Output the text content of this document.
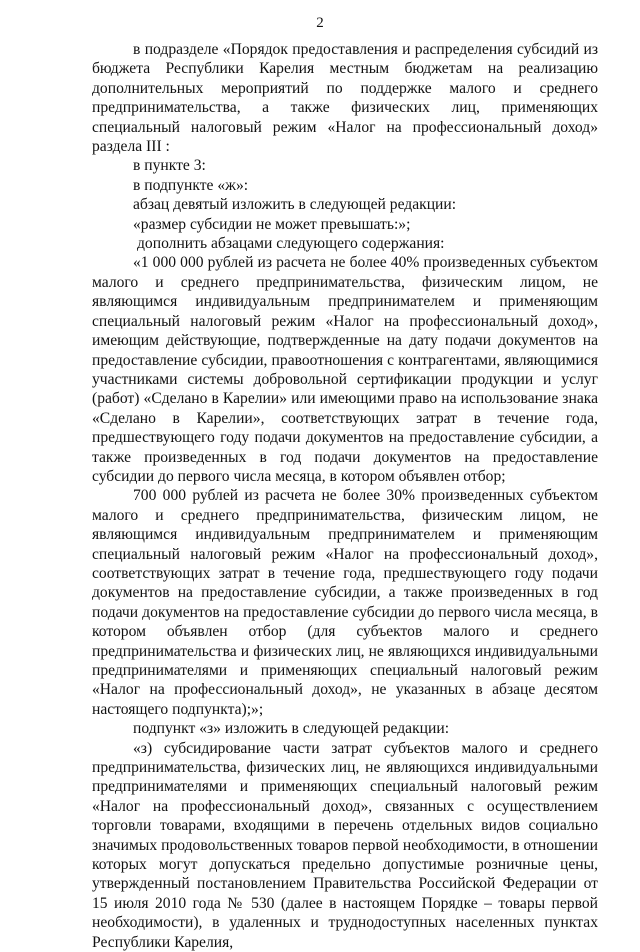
2

в подразделе «Порядок предоставления и распределения субсидий из бюджета Республики Карелия местным бюджетам на реализацию дополнительных мероприятий по поддержке малого и среднего предпринимательства, а также физических лиц, применяющих специальный налоговый режим «Налог на профессиональный доход» раздела III :

в пункте 3:

в подпункте «ж»:

абзац девятый изложить в следующей редакции:

«размер субсидии не может превышать:»;

дополнить абзацами следующего содержания:

«1 000 000 рублей из расчета не более 40% произведенных субъектом малого и среднего предпринимательства, физическим лицом, не являющимся индивидуальным предпринимателем и применяющим специальный налоговый режим «Налог на профессиональный доход», имеющим действующие, подтвержденные на дату подачи документов на предоставление субсидии, правоотношения с контрагентами, являющимися участниками системы добровольной сертификации продукции и услуг (работ) «Сделано в Карелии» или имеющими право на использование знака «Сделано в Карелии», соответствующих затрат в течение года, предшествующего году подачи документов на предоставление субсидии, а также произведенных в год подачи документов на предоставление субсидии до первого числа месяца, в котором объявлен отбор;

700 000 рублей из расчета не более 30% произведенных субъектом малого и среднего предпринимательства, физическим лицом, не являющимся индивидуальным предпринимателем и применяющим специальный налоговый режим «Налог на профессиональный доход», соответствующих затрат в течение года, предшествующего году подачи документов на предоставление субсидии, а также произведенных в год подачи документов на предоставление субсидии до первого числа месяца, в котором объявлен отбор (для субъектов малого и среднего предпринимательства и физических лиц, не являющихся индивидуальными предпринимателями и применяющих специальный налоговый режим «Налог на профессиональный доход», не указанных в абзаце десятом настоящего подпункта);»;

подпункт «з» изложить в следующей редакции:

«з) субсидирование части затрат субъектов малого и среднего предпринимательства, физических лиц, не являющихся индивидуальными предпринимателями и применяющих специальный налоговый режим «Налог на профессиональный доход», связанных с осуществлением торговли товарами, входящими в перечень отдельных видов социально значимых продовольственных товаров первой необходимости, в отношении которых могут допускаться предельно допустимые розничные цены, утвержденный постановлением Правительства Российской Федерации от 15 июля 2010 года № 530 (далее в настоящем Порядке – товары первой необходимости), в удаленных и труднодоступных населенных пунктах Республики Карелия,
